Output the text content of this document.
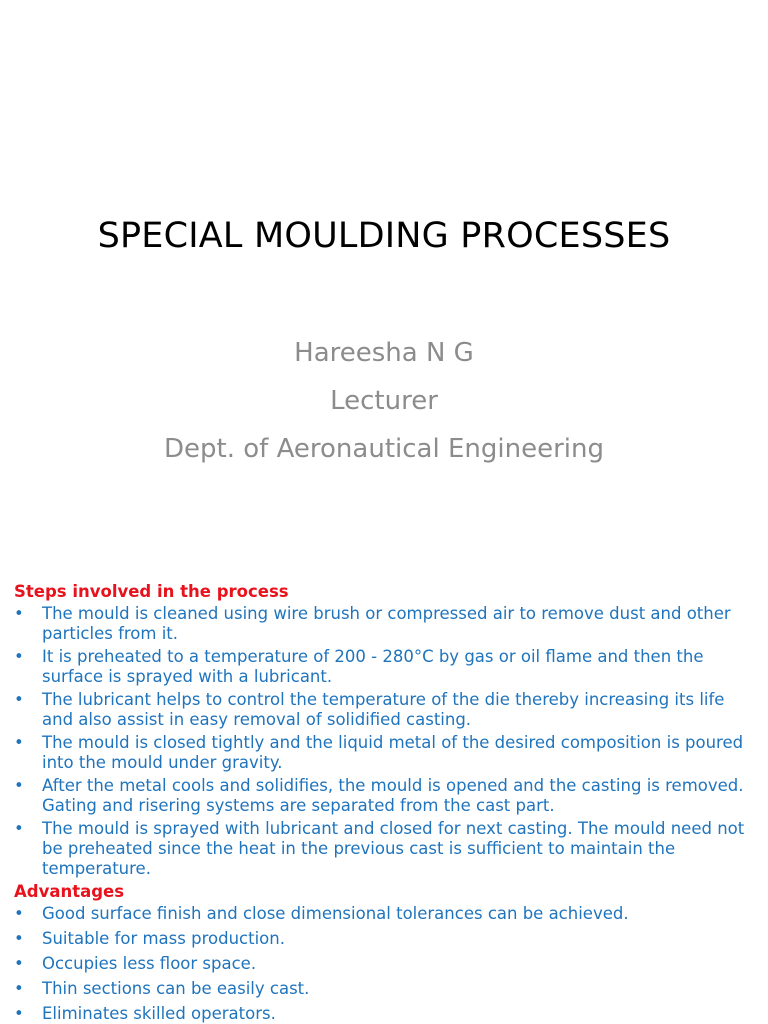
SPECIAL MOULDING PROCESSES
Hareesha N G
Lecturer
Dept. of Aeronautical Engineering
Steps involved in the process
• The mould is cleaned using wire brush or compressed air to remove dust and other particles from it.
• It is preheated to a temperature of 200 - 280°C by gas or oil flame and then the surface is sprayed with a lubricant.
• The lubricant helps to control the temperature of the die thereby increasing its life and also assist in easy removal of solidified casting.
• The mould is closed tightly and the liquid metal of the desired composition is poured into the mould under gravity.
• After the metal cools and solidifies, the mould is opened and the casting is removed. Gating and risering systems are separated from the cast part.
• The mould is sprayed with lubricant and closed for next casting. The mould need not be preheated since the heat in the previous cast is sufficient to maintain the temperature.
Advantages
• Good surface finish and close dimensional tolerances can be achieved.
• Suitable for mass production.
• Occupies less floor space.
• Thin sections can be easily cast.
• Eliminates skilled operators.
